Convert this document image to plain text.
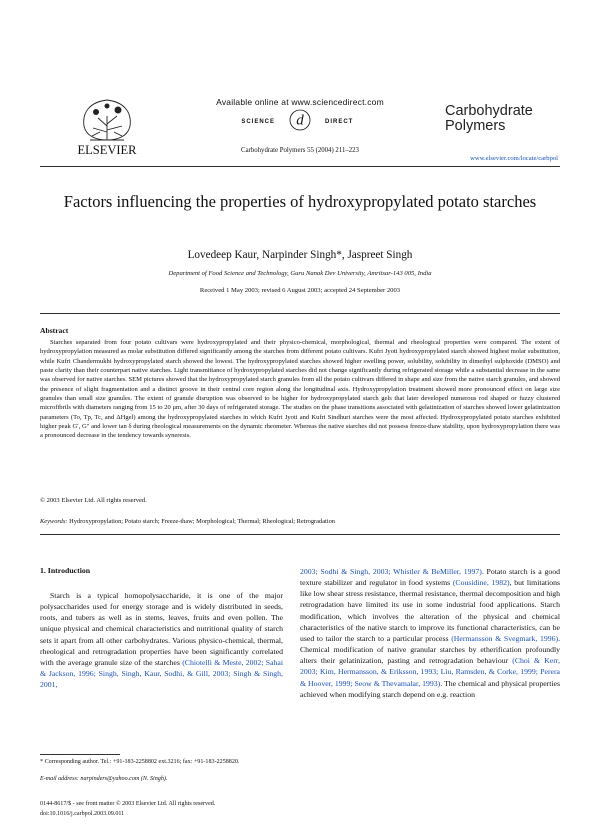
ELSEVIER
Available online at www.sciencedirect.com
SCIENCE d	DIRECT
Carbohydrate Polymers 55 (2004) 211–223
Carbohydrate
Polymers
www.elsevier.com/locate/carbpol
Factors influencing the properties of hydroxypropylated potato starches
Lovedeep Kaur, Narpinder Singh*, Jaspreet Singh
Department of Food Science and Technology, Guru Nanak Dev University, Amritsar-143 005, India
Received 1 May 2003; revised 6 August 2003; accepted 24 September 2003
Abstract

Starches separated from four potato cultivars were hydroxypropylated and their physico-chemical, morphological, thermal and rheological properties were compared. The extent of hydroxypropylation measured as molar substitution differed significantly among the starches from different potato cultivars. Kufri Jyoti hydroxypropylated starch showed highest molar substitution, while Kufri Chandermukhi hydroxypropylated starch showed the lowest. The hydroxypropylated starches showed higher swelling power, solubility, solubility in dimethyl sulphoxide (DMSO) and paste clarity than their counterpart native starches. Light transmittance of hydroxypropylated starches did not change significantly during refrigerated storage while a substantial decrease in the same was observed for native starches. SEM pictures showed that the hydroxypropylated starch granules from all the potato cultivars differed in shape and size from the native starch granules, and showed the presence of slight fragmentation and a distinct groove in their central core region along the longitudinal axis. Hydroxypropylation treatment showed more pronounced effect on large size granules than small size granules. The extent of granule disruption was observed to be higher for hydroxypropylated starch gels that later developed numerous rod shaped or fuzzy clustered microfibrils with diameters ranging from 15 to 20 μm, after 30 days of refrigerated storage. The studies on the phase transitions associated with gelatinization of starches showed lower gelatinization parameters (To, Tp, Tc, and ΔHgel) among the hydroxypropylated starches in which Kufri Jyoti and Kufri Sindhuri starches were the most affected. Hydroxypropylated potato starches exhibited higher peak G′, G″ and lower tan δ during rheological measurements on the dynamic rheometer. Whereas the native starches did not possess freeze-thaw stability, upon hydroxypropylation there was a pronounced decrease in the tendency towards syneresis.

© 2003 Elsevier Ltd. All rights reserved.
Keywords: Hydroxypropylation; Potato starch; Freeze-thaw; Morphological; Thermal; Rheological; Retrogradation
1. Introduction

Starch is a typical homopolysaccharide, it is one of the major polysaccharides used for energy storage and is widely distributed in seeds, roots, and tubers as well as in stems, leaves, fruits and even pollen. The unique physical and chemical characteristics and nutritional quality of starch sets it apart from all other carbohydrates. Various physico-chemical, thermal, rheological and retrogradation properties have been significantly correlated with the average granule size of the starches (Chiotelli & Meste, 2002; Sahai & Jackson, 1996; Singh, Singh, Kaur, Sodhi, & Gill, 2003; Singh & Singh, 2001,

2003; Sodhi & Singh, 2003; Whistler & BeMiller, 1997). Potato starch is a good texture stabilizer and regulator in food systems (Cousidine, 1982), but limitations like low shear stress resistance, thermal resistance, thermal decomposition and high retrogradation have limited its use in some industrial food applications. Starch modification, which involves the alteration of the physical and chemical characteristics of the native starch to improve its functional characteristics, can be used to tailor the starch to a particular process (Hermansson & Svegmark, 1996). Chemical modification of native granular starches by etherification profoundly alters their gelatinization, pasting and retrogradation behaviour (Choi & Kerr, 2003; Kim, Hermansson, & Eriksson, 1993; Liu, Ramsden, & Corke, 1999; Perera & Hoover, 1999; Seow & Thevamalar, 1993). The chemical and physical properties achieved when modifying starch depend on e.g. reaction

* Corresponding author. Tel.: +91-183-2258802 ext.3216; fax: +91-183-2258820.
E-mail address: narpinders@yahoo.com (N. Singh).
0144-8617/$ - see front matter © 2003 Elsevier Ltd. All rights reserved.
doi:10.1016/j.carbpol.2003.09.011
